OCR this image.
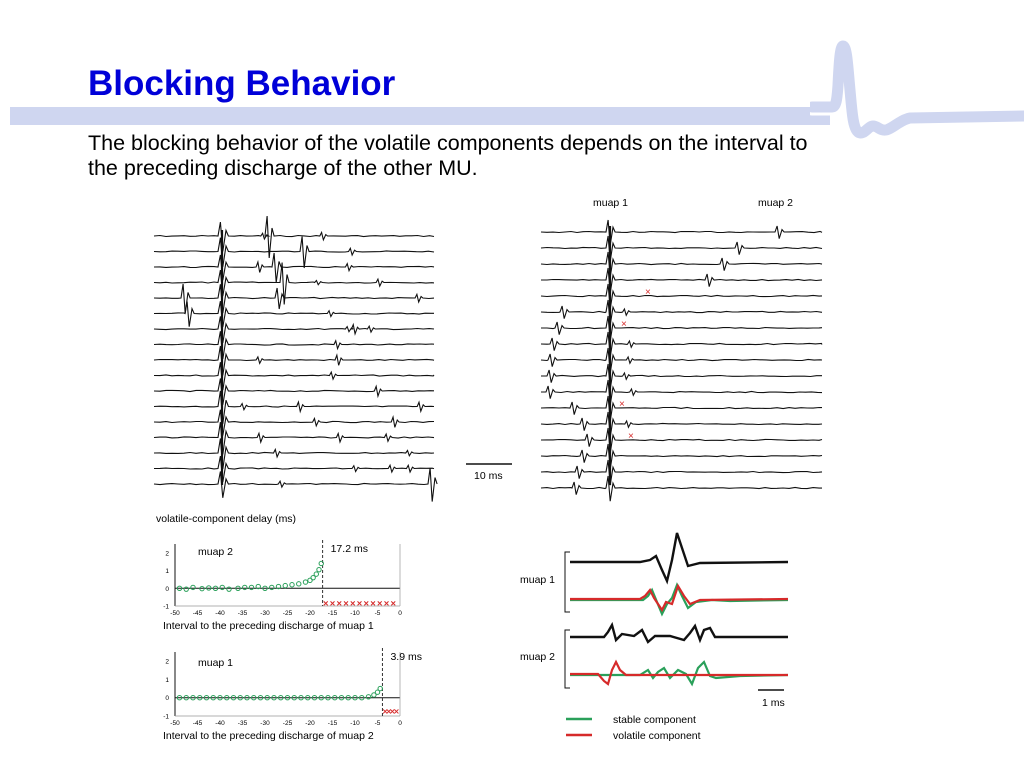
Blocking Behavior

The blocking behavior of the volatile components depends on the interval to the preceding discharge of the other MU.

10 ms
muap 1	muap 2
×
×
×
×
volatile-component delay (ms)
-50 -45 -40 -35 -30 -25 -20 -15 -10 -5	0
2
1
0
-1
17.2 ms
muap 2
Interval to the preceding discharge of muap 1
-50 -45 -40 -35 -30 -25 -20 -15 -10 -5	0
2
1
0
-1
3.9 ms
muap 1
Interval to the preceding discharge of muap 2
muap 1
muap 2
1 ms
stable component
volatile component
